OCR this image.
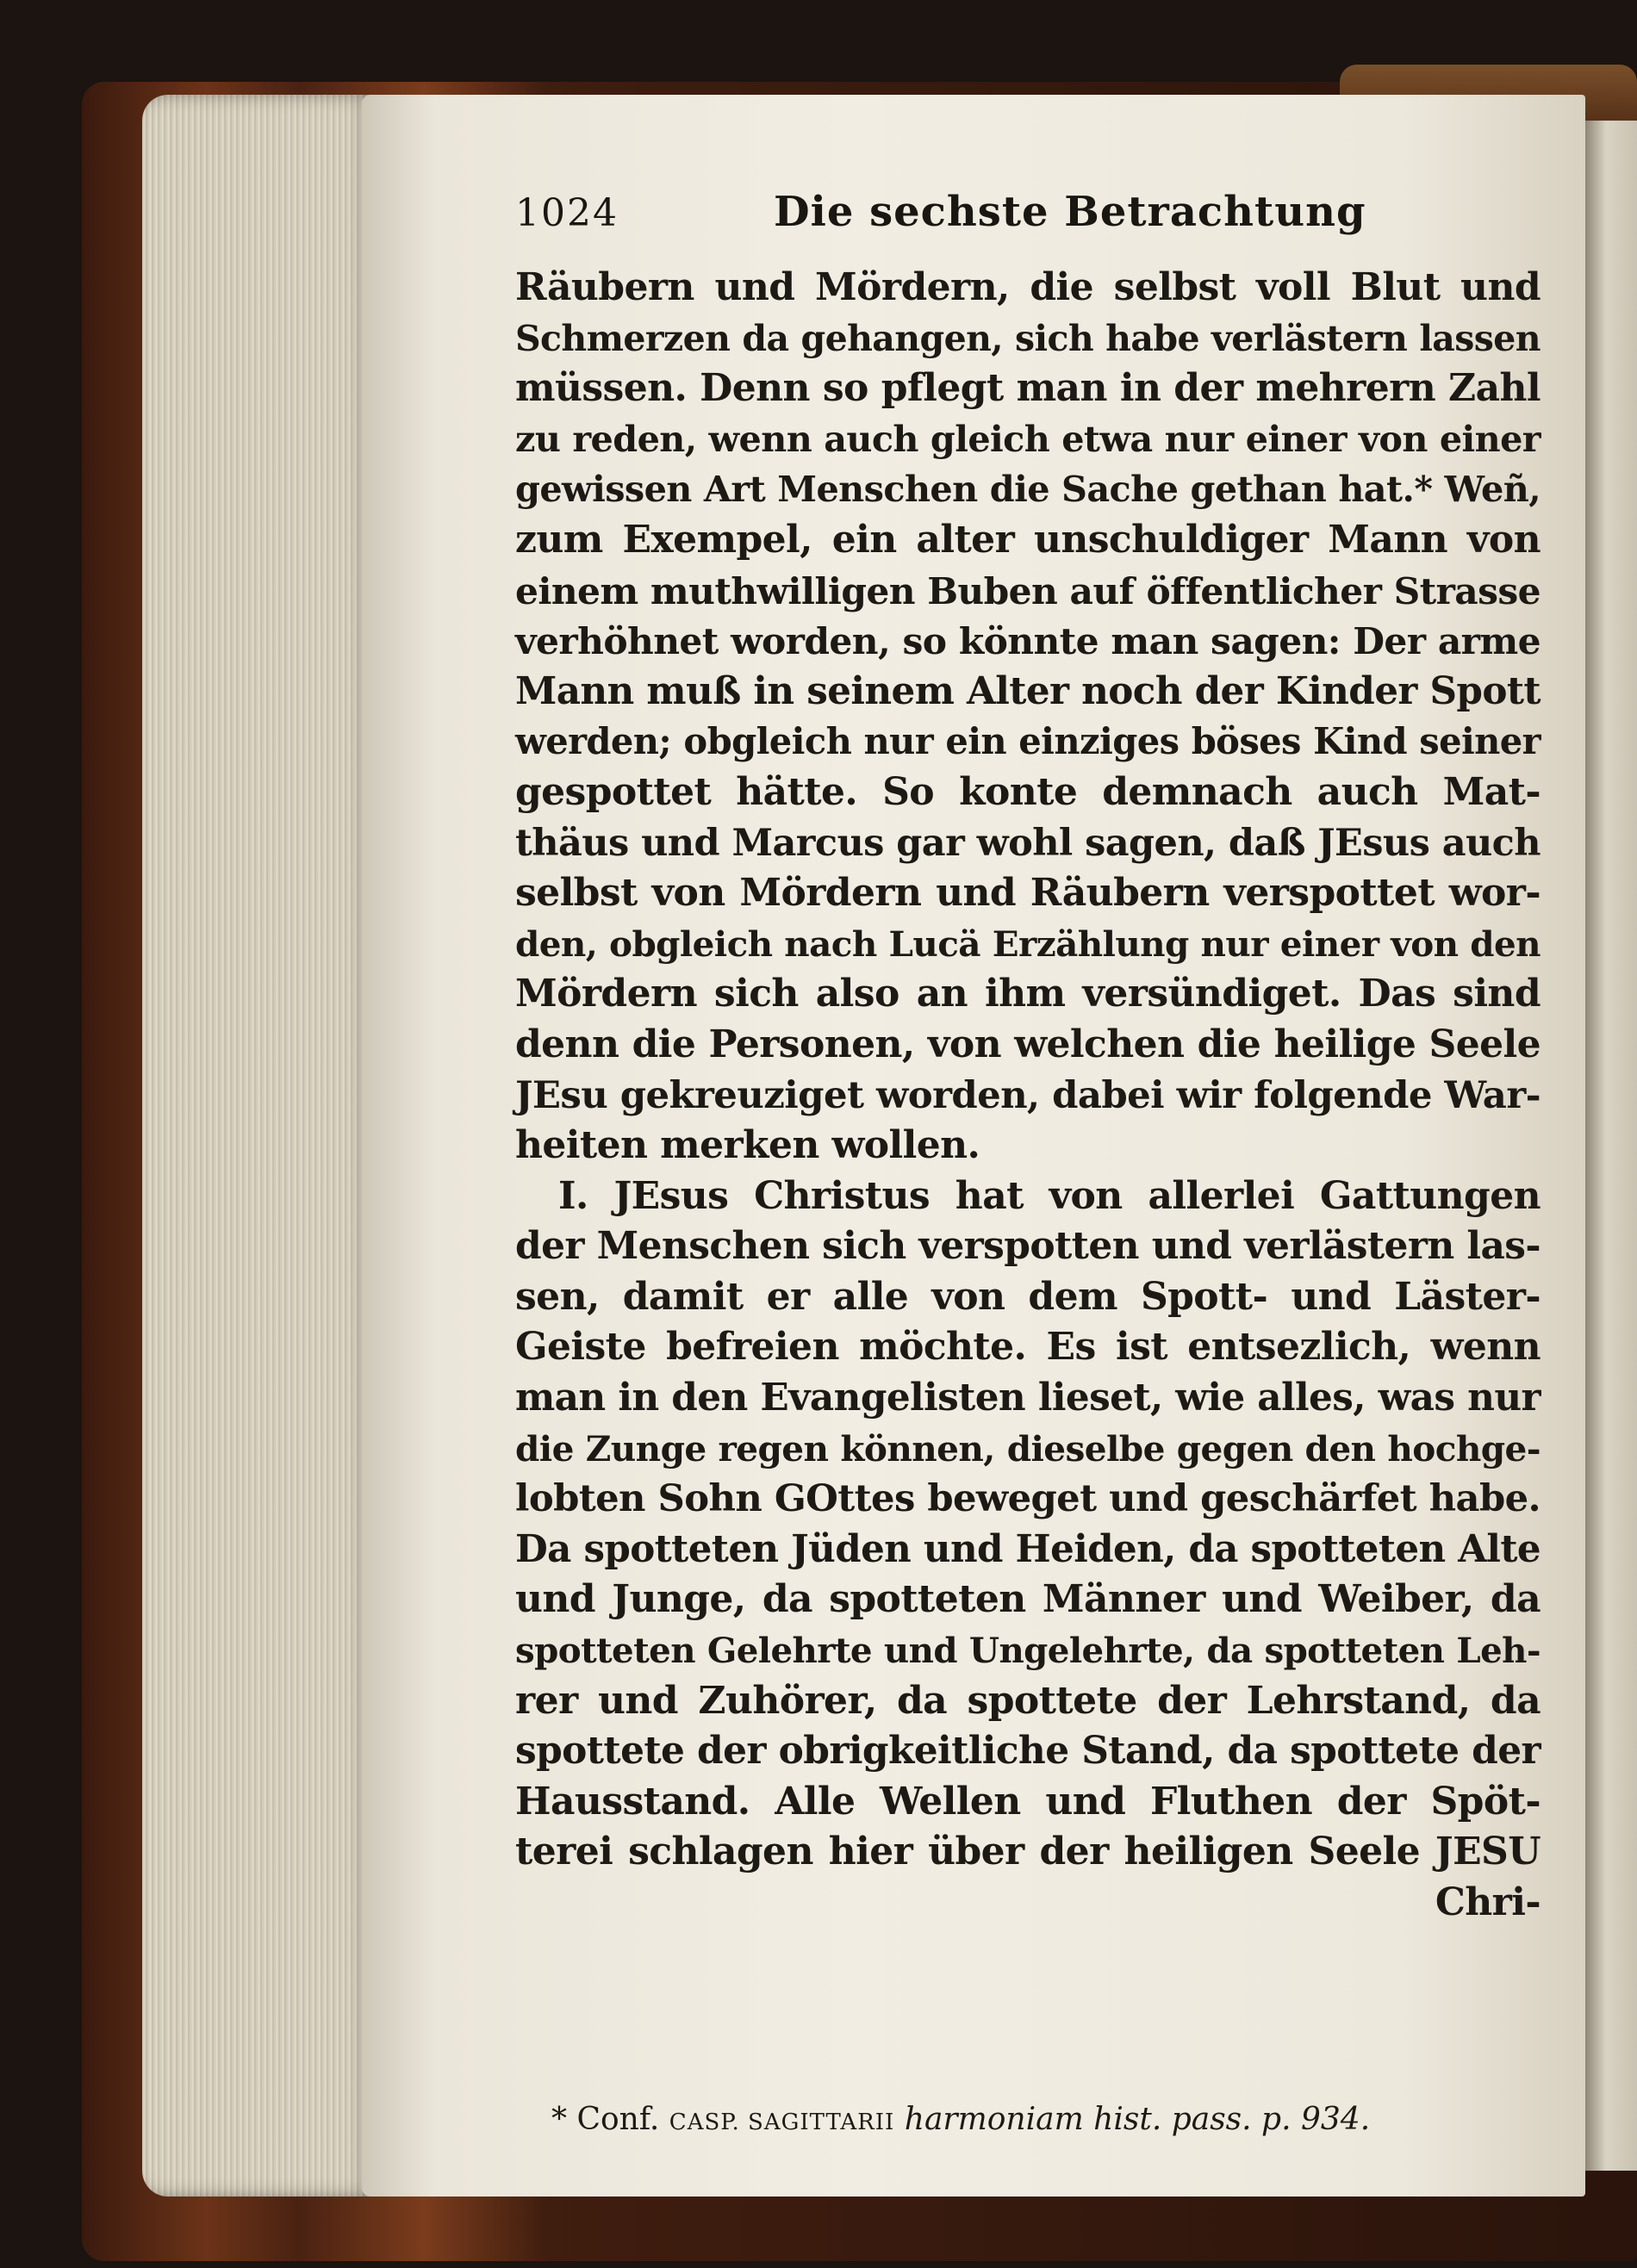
1024	Die sechste Betrachtung
Räubern und Mördern, die selbst voll Blut und
Schmerzen da gehangen, sich habe verlästern lassen
müssen. Denn so pflegt man in der mehrern Zahl
zu reden, wenn auch gleich etwa nur einer von einer
gewissen Art Menschen die Sache gethan hat.* Weñ,
zum Exempel, ein alter unschuldiger Mann von
einem muthwilligen Buben auf öffentlicher Strasse
verhöhnet worden, so könnte man sagen: Der arme
Mann muß in seinem Alter noch der Kinder Spott
werden; obgleich nur ein einziges böses Kind seiner
gespottet hätte. So konte demnach auch Mat-
thäus und Marcus gar wohl sagen, daß JEsus auch
selbst von Mördern und Räubern verspottet wor-
den, obgleich nach Lucä Erzählung nur einer von den
Mördern sich also an ihm versündiget. Das sind
denn die Personen, von welchen die heilige Seele
JEsu gekreuziget worden, dabei wir folgende War-
heiten merken wollen.
I. JEsus Christus hat von allerlei Gattungen
der Menschen sich verspotten und verlästern las-
sen, damit er alle von dem Spott- und Läster-
Geiste befreien möchte. Es ist entsezlich, wenn
man in den Evangelisten lieset, wie alles, was nur
die Zunge regen können, dieselbe gegen den hochge-
lobten Sohn GOttes beweget und geschärfet habe.
Da spotteten Jüden und Heiden, da spotteten Alte
und Junge, da spotteten Männer und Weiber, da
spotteten Gelehrte und Ungelehrte, da spotteten Leh-
rer und Zuhörer, da spottete der Lehrstand, da
spottete der obrigkeitliche Stand, da spottete der
Hausstand. Alle Wellen und Fluthen der Spöt-
terei schlagen hier über der heiligen Seele JESU
Chri-
* Conf. CASP. SAGITTARII harmoniam hist. pass. p. 934.
